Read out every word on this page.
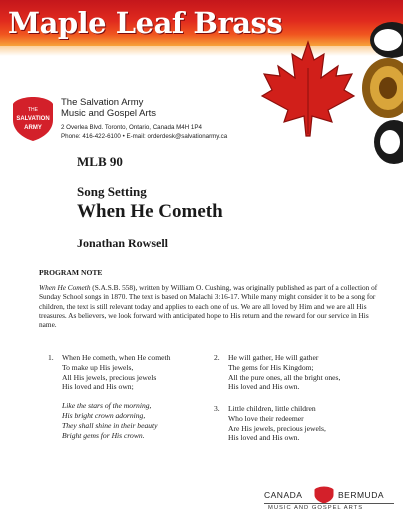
Maple Leaf Brass
THE
SALVATION
ARMY
The Salvation Army
Music and Gospel Arts
2 Overlea Blvd. Toronto, Ontario, Canada M4H 1P4
Phone: 416-422-6100 • E-mail: orderdesk@salvationarmy.ca
MLB 90
Song Setting
When He Cometh
Jonathan Rowsell
PROGRAM NOTE

When He Cometh (S.A.S.B. 558), written by William O. Cushing, was originally published as part of a collection of Sunday School songs in 1870. The text is based on Malachi 3:16-17. While many might consider it to be a song for children, the text is still relevant today and applies to each one of us. We are all loved by Him and we are all His treasures. As believers, we look forward with anticipated hope to His return and the reward for our service in His name.

1. When He cometh, when He cometh
To make up His jewels,
All His jewels, precious jewels
His loved and His own;
Like the stars of the morning,
His bright crown adorning,
They shall shine in their beauty
Bright gems for His crown.
2. He will gather, He will gather
The gems for His Kingdom;
All the pure ones, all the bright ones,
His loved and His own.
3. Little children, little children
Who love their redeemer
Are His jewels, precious jewels,
His loved and His own.
CANADA	BERMUDA
MUSIC AND GOSPEL ARTS
